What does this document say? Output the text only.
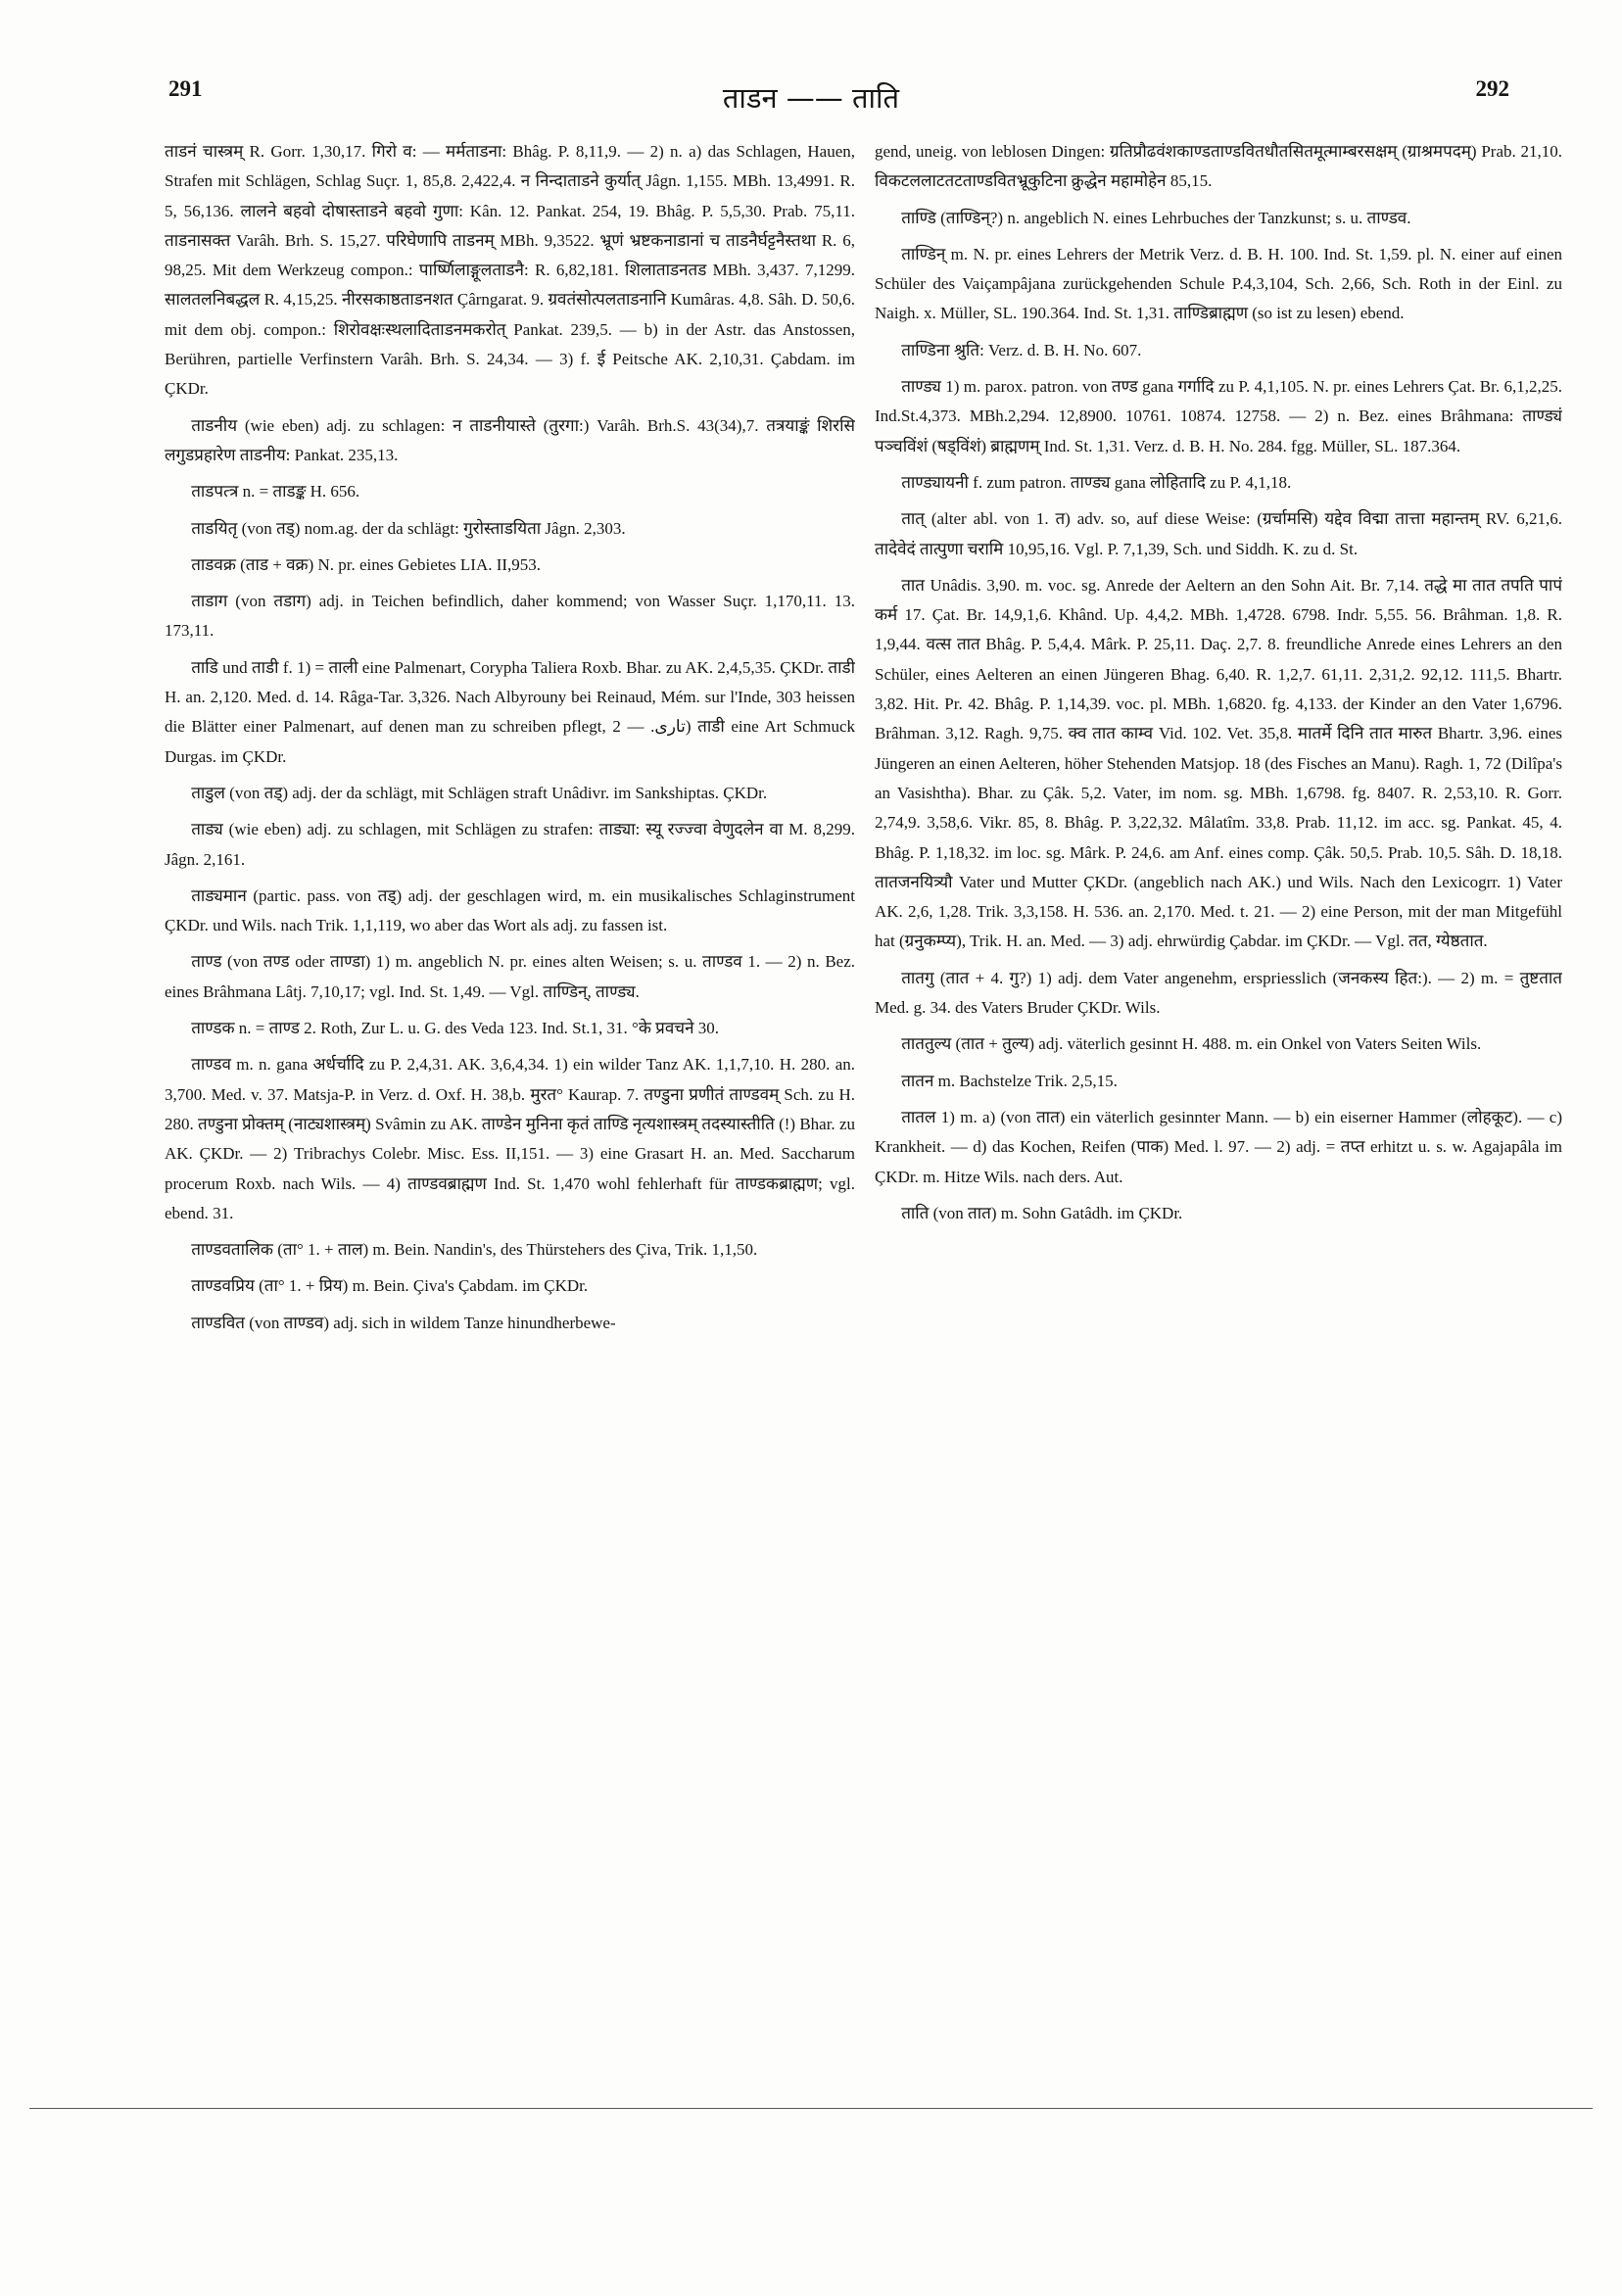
291	ताडन —— ताति	292

ताडनं चास्त्रम् R. Gorr. 1,30,17. गिरो व: — मर्मताडना: Bhâg. P. 8,11,9. — 2) n. a) das Schlagen, Hauen, Strafen mit Schlägen, Schlag Suçr. 1, 85,8. 2,422,4. न निन्दाताडने कुर्यात् Jâgn. 1,155. MBh. 13,4991. R. 5, 56,136. लालने बहवो दोषास्ताडने बहवो गुणा: Kân. 12. Pankat. 254, 19. Bhâg. P. 5,5,30. Prab. 75,11. ताडनासक्त Varâh. Brh. S. 15,27. परिघेणापि ताडनम् MBh. 9,3522. भ्रूणं भ्रष्टकनाडानां च ताडनैर्घट्टनैस्तथा R. 6, 98,25. Mit dem Werkzeug compon.: पार्ष्णिलाङ्गूलताडनै: R. 6,82,181. शिलाताडनतड MBh. 3,437. 7,1299. सालतलनिबद्धल R. 4,15,25. नीरसकाष्ठताडनशत Çârngarat. 9. ग्रवतंसोत्पलताडनानि Kumâras. 4,8. Sâh. D. 50,6. mit dem obj. compon.: शिरोवक्षःस्थलादिताडनमकरोत् Pankat. 239,5. — b) in der Astr. das Anstossen, Berühren, partielle Verfinstern Varâh. Brh. S. 24,34. — 3) f. ई Peitsche AK. 2,10,31. Çabdam. im ÇKDr.

ताडनीय (wie eben) adj. zu schlagen: न ताडनीयास्ते (तुरगा:) Varâh. Brh.S. 43(34),7. तत्रयाङ्कं शिरसि लगुडप्रहारेण ताडनीय: Pankat. 235,13.

ताडपत्त्र n. = ताडङ्क H. 656.

ताडयितृ (von तड्) nom.ag. der da schlägt: गुरोस्ताडयिता Jâgn. 2,303.

ताडवक्र (ताड + वक्र) N. pr. eines Gebietes LIA. II,953.

ताडाग (von तडाग) adj. in Teichen befindlich, daher kommend; von Wasser Suçr. 1,170,11. 13. 173,11.

ताडि und ताडी f. 1) = ताली eine Palmenart, Corypha Taliera Roxb. Bhar. zu AK. 2,4,5,35. ÇKDr. ताडी H. an. 2,120. Med. d. 14. Râga-Tar. 3,326. Nach Albyrouny bei Reinaud, Mém. sur l'Inde, 303 heissen die Blätter einer Palmenart, auf denen man zu schreiben pflegt, تاری. — 2) ताडी eine Art Schmuck Durgas. im ÇKDr.

ताडुल (von तड्) adj. der da schlägt, mit Schlägen straft Unâdivr. im Sankshiptas. ÇKDr.

ताड्य (wie eben) adj. zu schlagen, mit Schlägen zu strafen: ताड्या: स्यू रज्ज्वा वेणुदलेन वा M. 8,299. Jâgn. 2,161.

ताड्यमान (partic. pass. von तड्) adj. der geschlagen wird, m. ein musikalisches Schlaginstrument ÇKDr. und Wils. nach Trik. 1,1,119, wo aber das Wort als adj. zu fassen ist.

ताण्ड (von तण्ड oder ताण्डा) 1) m. angeblich N. pr. eines alten Weisen; s. u. ताण्डव 1. — 2) n. Bez. eines Brâhmana Lâtj. 7,10,17; vgl. Ind. St. 1,49. — Vgl. ताण्डिन्, ताण्ड्य.

ताण्डक n. = ताण्ड 2. Roth, Zur L. u. G. des Veda 123. Ind. St.1, 31. °के प्रवचने 30.

ताण्डव m. n. gana अर्धर्चादि zu P. 2,4,31. AK. 3,6,4,34. 1) ein wilder Tanz AK. 1,1,7,10. H. 280. an. 3,700. Med. v. 37. Matsja-P. in Verz. d. Oxf. H. 38,b. मुरत° Kaurap. 7. तण्डुना प्रणीतं ताण्डवम् Sch. zu H. 280. तण्डुना प्रोक्तम् (नाट्यशास्त्रम्) Svâmin zu AK. ताण्डेन मुनिना कृतं ताण्डि नृत्यशास्त्रम् तदस्यास्तीति (!) Bhar. zu AK. ÇKDr. — 2) Tribrachys Colebr. Misc. Ess. II,151. — 3) eine Grasart H. an. Med. Saccharum procerum Roxb. nach Wils. — 4) ताण्डवब्राह्मण Ind. St. 1,470 wohl fehlerhaft für ताण्डकब्राह्मण; vgl. ebend. 31.

ताण्डवतालिक (ता° 1. + ताल) m. Bein. Nandin's, des Thürstehers des Çiva, Trik. 1,1,50.

ताण्डवप्रिय (ता° 1. + प्रिय) m. Bein. Çiva's Çabdam. im ÇKDr.

ताण्डवित (von ताण्डव) adj. sich in wildem Tanze hinundherbewe-

gend, uneig. von leblosen Dingen: ग्रतिप्रौढवंशकाण्डताण्डवितधौतसितमूत्माम्बरसक्षम् (ग्राश्रमपदम्) Prab. 21,10. विकटललाटतटताण्डवितभ्रूकुटिना क्रुद्धेन महामोहेन 85,15.

ताण्डि (ताण्डिन्?) n. angeblich N. eines Lehrbuches der Tanzkunst; s. u. ताण्डव.

ताण्डिन् m. N. pr. eines Lehrers der Metrik Verz. d. B. H. 100. Ind. St. 1,59. pl. N. einer auf einen Schüler des Vaiçampâjana zurückgehenden Schule P.4,3,104, Sch. 2,66, Sch. Roth in der Einl. zu Naigh. x. Müller, SL. 190.364. Ind. St. 1,31. ताण्डिब्राह्मण (so ist zu lesen) ebend.

ताण्डिना श्रुति: Verz. d. B. H. No. 607.

ताण्ड्य 1) m. parox. patron. von तण्ड gana गर्गादि zu P. 4,1,105. N. pr. eines Lehrers Çat. Br. 6,1,2,25. Ind.St.4,373. MBh.2,294. 12,8900. 10761. 10874. 12758. — 2) n. Bez. eines Brâhmana: ताण्ड्यं पञ्चविंशं (षड्विंशं) ब्राह्मणम् Ind. St. 1,31. Verz. d. B. H. No. 284. fgg. Müller, SL. 187.364.

ताण्ड्यायनी f. zum patron. ताण्ड्य gana लोहितादि zu P. 4,1,18.

तात् (alter abl. von 1. त) adv. so, auf diese Weise: (ग्रर्चामसि) यद्देव विद्मा तात्ता महान्तम् RV. 6,21,6. तादेवेदं तात्पुणा चरामि 10,95,16. Vgl. P. 7,1,39, Sch. und Siddh. K. zu d. St.

तात Unâdis. 3,90. m. voc. sg. Anrede der Aeltern an den Sohn Ait. Br. 7,14. तद्धे मा तात तपति पापं कर्म 17. Çat. Br. 14,9,1,6. Khând. Up. 4,4,2. MBh. 1,4728. 6798. Indr. 5,55. 56. Brâhman. 1,8. R. 1,9,44. वत्स तात Bhâg. P. 5,4,4. Mârk. P. 25,11. Daç. 2,7. 8. freundliche Anrede eines Lehrers an den Schüler, eines Aelteren an einen Jüngeren Bhag. 6,40. R. 1,2,7. 61,11. 2,31,2. 92,12. 111,5. Bhartr. 3,82. Hit. Pr. 42. Bhâg. P. 1,14,39. voc. pl. MBh. 1,6820. fg. 4,133. der Kinder an den Vater 1,6796. Brâhman. 3,12. Ragh. 9,75. क्व तात काम्व Vid. 102. Vet. 35,8. मातर्मे दिनि तात मारुत Bhartr. 3,96. eines Jüngeren an einen Aelteren, höher Stehenden Matsjop. 18 (des Fisches an Manu). Ragh. 1, 72 (Dilîpa's an Vasishtha). Bhar. zu Çâk. 5,2. Vater, im nom. sg. MBh. 1,6798. fg. 8407. R. 2,53,10. R. Gorr. 2,74,9. 3,58,6. Vikr. 85, 8. Bhâg. P. 3,22,32. Mâlatîm. 33,8. Prab. 11,12. im acc. sg. Pankat. 45, 4. Bhâg. P. 1,18,32. im loc. sg. Mârk. P. 24,6. am Anf. eines comp. Çâk. 50,5. Prab. 10,5. Sâh. D. 18,18. तातजनयित्र्यौ Vater und Mutter ÇKDr. (angeblich nach AK.) und Wils. Nach den Lexicogrr. 1) Vater AK. 2,6, 1,28. Trik. 3,3,158. H. 536. an. 2,170. Med. t. 21. — 2) eine Person, mit der man Mitgefühl hat (ग्रनुकम्प्य), Trik. H. an. Med. — 3) adj. ehrwürdig Çabdar. im ÇKDr. — Vgl. तत, ग्येष्ठतात.

तातगु (तात + 4. गु?) 1) adj. dem Vater angenehm, erspriesslich (जनकस्य हित:). — 2) m. = तुष्टतात Med. g. 34. des Vaters Bruder ÇKDr. Wils.

ताततुल्य (तात + तुल्य) adj. väterlich gesinnt H. 488. m. ein Onkel von Vaters Seiten Wils.

तातन m. Bachstelze Trik. 2,5,15.

तातल 1) m. a) (von तात) ein väterlich gesinnter Mann. — b) ein eiserner Hammer (लोहकूट). — c) Krankheit. — d) das Kochen, Reifen (पाक) Med. l. 97. — 2) adj. = तप्त erhitzt u. s. w. Agajapâla im ÇKDr. m. Hitze Wils. nach ders. Aut.

ताति (von तात) m. Sohn Gatâdh. im ÇKDr.
